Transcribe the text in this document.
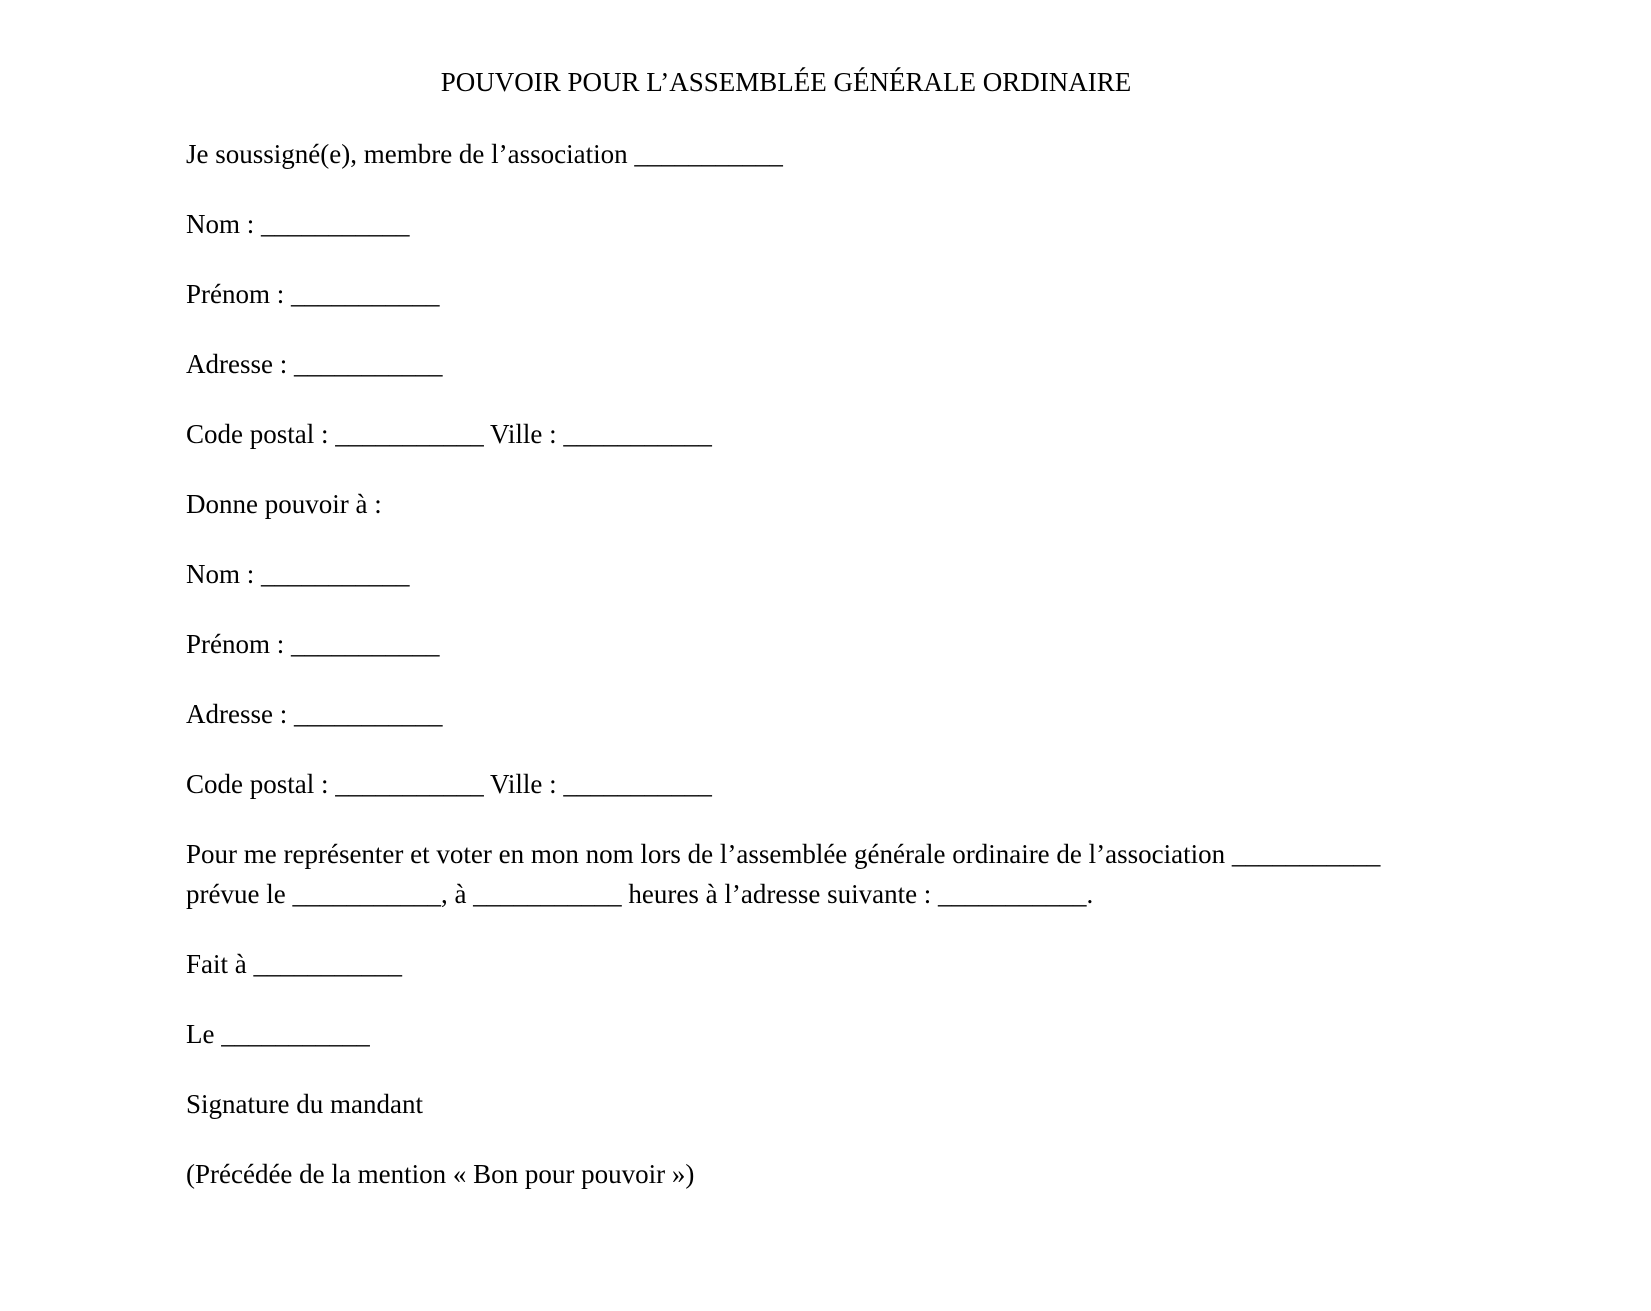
POUVOIR POUR L’ASSEMBLÉE GÉNÉRALE ORDINAIRE

Je soussigné(e), membre de l’association ___________

Nom : ___________

Prénom : ___________

Adresse : ___________

Code postal : ___________ Ville : ___________

Donne pouvoir à :

Nom : ___________

Prénom : ___________

Adresse : ___________

Code postal : ___________ Ville : ___________

Pour me représenter et voter en mon nom lors de l’assemblée générale ordinaire de l’association ___________
prévue le ___________, à ___________ heures à l’adresse suivante : ___________.

Fait à ___________

Le ___________

Signature du mandant

(Précédée de la mention « Bon pour pouvoir »)
